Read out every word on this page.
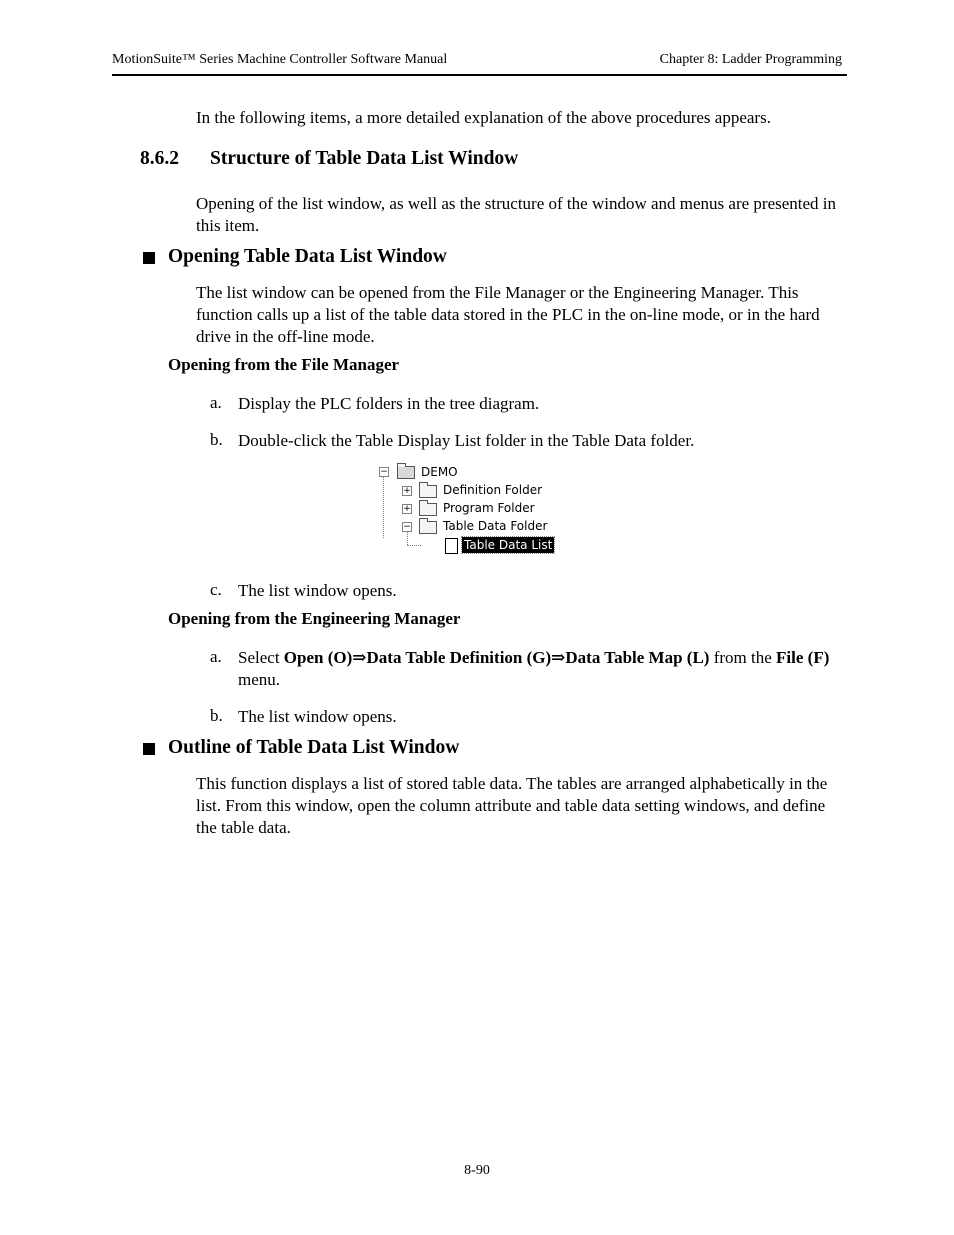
MotionSuite™ Series Machine Controller Software Manual	Chapter 8: Ladder Programming
In the following items, a more detailed explanation of the above procedures appears.
8.6.2 Structure of Table Data List Window
Opening of the list window, as well as the structure of the window and menus are presented in this item.
Opening Table Data List Window
The list window can be opened from the File Manager or the Engineering Manager. This function calls up a list of the table data stored in the PLC in the on-line mode, or in the hard drive in the off-line mode.
Opening from the File Manager
a. Display the PLC folders in the tree diagram.
b. Double-click the Table Display List folder in the Table Data folder.
−	DEMO
+	Definition Folder
+	Program Folder
−	Table Data Folder
Table Data List
c. The list window opens.
Opening from the Engineering Manager
a. Select Open (O)⇒Data Table Definition (G)⇒Data Table Map (L) from the File (F) menu.
b. The list window opens.
Outline of Table Data List Window
This function displays a list of stored table data. The tables are arranged alphabetically in the list. From this window, open the column attribute and table data setting windows, and define the table data.
8-90
